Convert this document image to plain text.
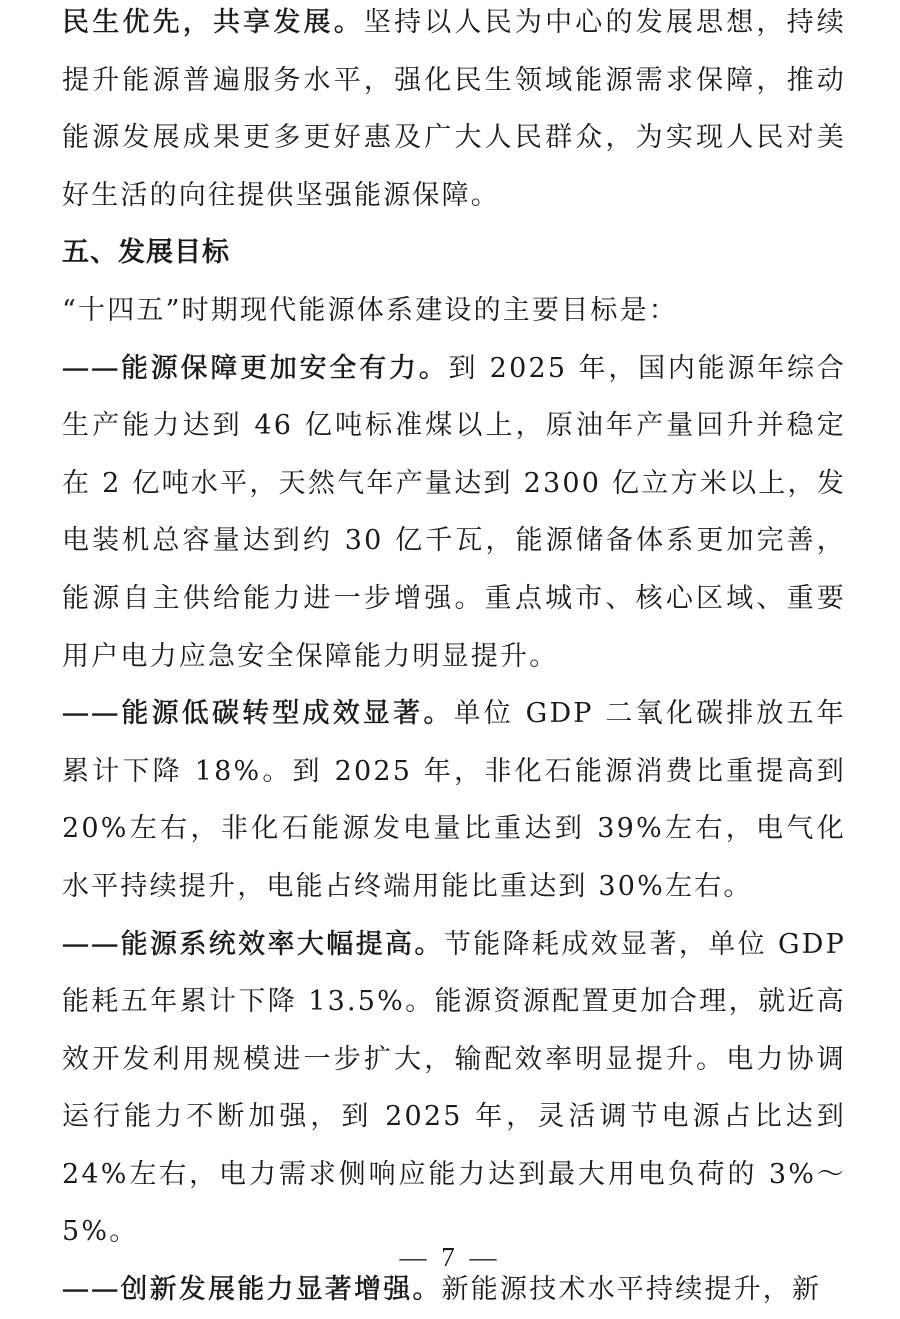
民生优先，共享发展。坚持以人民为中心的发展思想，持续提升能源普遍服务水平，强化民生领域能源需求保障，推动能源发展成果更多更好惠及广大人民群众，为实现人民对美好生活的向往提供坚强能源保障。

五、发展目标

“十四五”时期现代能源体系建设的主要目标是：

——能源保障更加安全有力。到 2025 年，国内能源年综合生产能力达到 46 亿吨标准煤以上，原油年产量回升并稳定在 2 亿吨水平，天然气年产量达到 2300 亿立方米以上，发电装机总容量达到约 30 亿千瓦，能源储备体系更加完善，能源自主供给能力进一步增强。重点城市、核心区域、重要用户电力应急安全保障能力明显提升。

——能源低碳转型成效显著。单位 GDP 二氧化碳排放五年累计下降 18%。到 2025 年，非化石能源消费比重提高到 20%左右，非化石能源发电量比重达到 39%左右，电气化水平持续提升，电能占终端用能比重达到 30%左右。

——能源系统效率大幅提高。节能降耗成效显著，单位 GDP 能耗五年累计下降 13.5%。能源资源配置更加合理，就近高效开发利用规模进一步扩大，输配效率明显提升。电力协调运行能力不断加强，到 2025 年，灵活调节电源占比达到 24%左右，电力需求侧响应能力达到最大用电负荷的 3%～5%。

——创新发展能力显著增强。新能源技术水平持续提升，新

— 7 —
